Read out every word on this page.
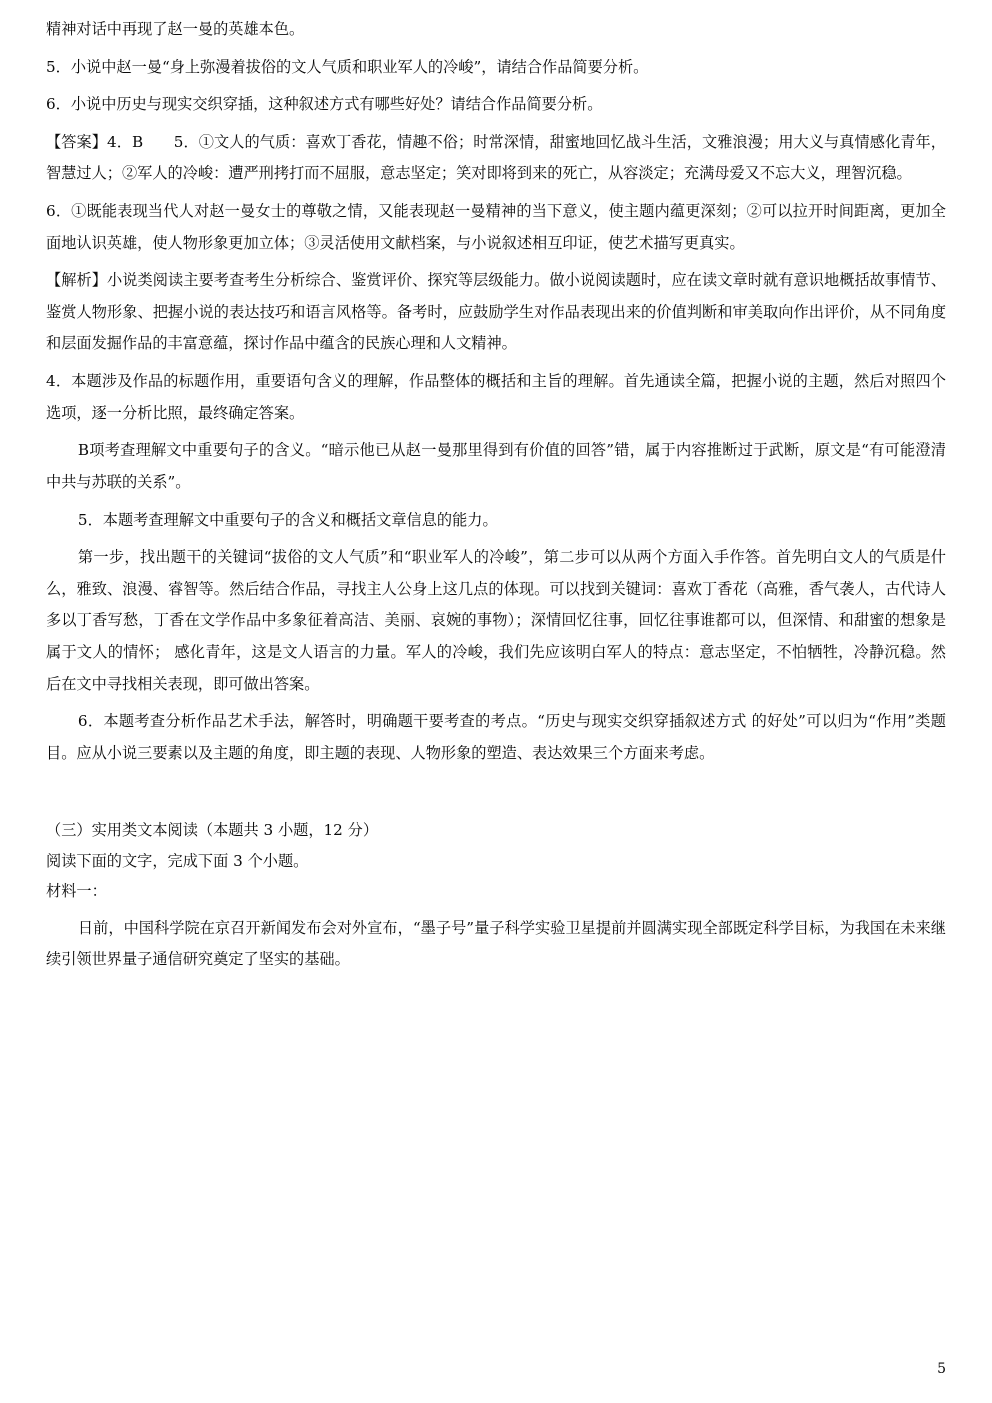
精神对话中再现了赵一曼的英雄本色。

5．小说中赵一曼“身上弥漫着拔俗的文人气质和职业军人的冷峻”，请结合作品简要分析。

6．小说中历史与现实交织穿插，这种叙述方式有哪些好处？请结合作品简要分析。

【答案】4．B　　5．①文人的气质：喜欢丁香花，情趣不俗；时常深情，甜蜜地回忆战斗生活，文雅浪漫；用大义与真情感化青年，智慧过人；②军人的冷峻：遭严刑拷打而不屈服，意志坚定；笑对即将到来的死亡，从容淡定；充满母爱又不忘大义，理智沉稳。

6．①既能表现当代人对赵一曼女士的尊敬之情，又能表现赵一曼精神的当下意义，使主题内蕴更深刻；②可以拉开时间距离，更加全面地认识英雄，使人物形象更加立体；③灵活使用文献档案，与小说叙述相互印证，使艺术描写更真实。

【解析】小说类阅读主要考查考生分析综合、鉴赏评价、探究等层级能力。做小说阅读题时，应在读文章时就有意识地概括故事情节、鉴赏人物形象、把握小说的表达技巧和语言风格等。备考时，应鼓励学生对作品表现出来的价值判断和审美取向作出评价，从不同角度和层面发掘作品的丰富意蕴，探讨作品中蕴含的民族心理和人文精神。

4．本题涉及作品的标题作用，重要语句含义的理解，作品整体的概括和主旨的理解。首先通读全篇，把握小说的主题，然后对照四个选项，逐一分析比照，最终确定答案。

B项考查理解文中重要句子的含义。“暗示他已从赵一曼那里得到有价值的回答”错，属于内容推断过于武断，原文是“有可能澄清中共与苏联的关系”。

5．本题考查理解文中重要句子的含义和概括文章信息的能力。

第一步，找出题干的关键词“拔俗的文人气质”和“职业军人的冷峻”，第二步可以从两个方面入手作答。首先明白文人的气质是什么，雅致、浪漫、睿智等。然后结合作品，寻找主人公身上这几点的体现。可以找到关键词：喜欢丁香花（高雅，香气袭人，古代诗人多以丁香写愁，丁香在文学作品中多象征着高洁、美丽、哀婉的事物）；深情回忆往事，回忆往事谁都可以，但深情、和甜蜜的想象是属于文人的情怀； 感化青年，这是文人语言的力量。军人的冷峻，我们先应该明白军人的特点：意志坚定，不怕牺牲，冷静沉稳。然后在文中寻找相关表现，即可做出答案。

6．本题考查分析作品艺术手法，解答时，明确题干要考查的考点。“历史与现实交织穿插叙述方式 的好处”可以归为“作用”类题目。应从小说三要素以及主题的角度，即主题的表现、人物形象的塑造、表达效果三个方面来考虑。

（三）实用类文本阅读（本题共 3 小题，12 分）

阅读下面的文字，完成下面 3 个小题。

材料一：

日前，中国科学院在京召开新闻发布会对外宣布，“墨子号”量子科学实验卫星提前并圆满实现全部既定科学目标，为我国在未来继续引领世界量子通信研究奠定了坚实的基础。

5
